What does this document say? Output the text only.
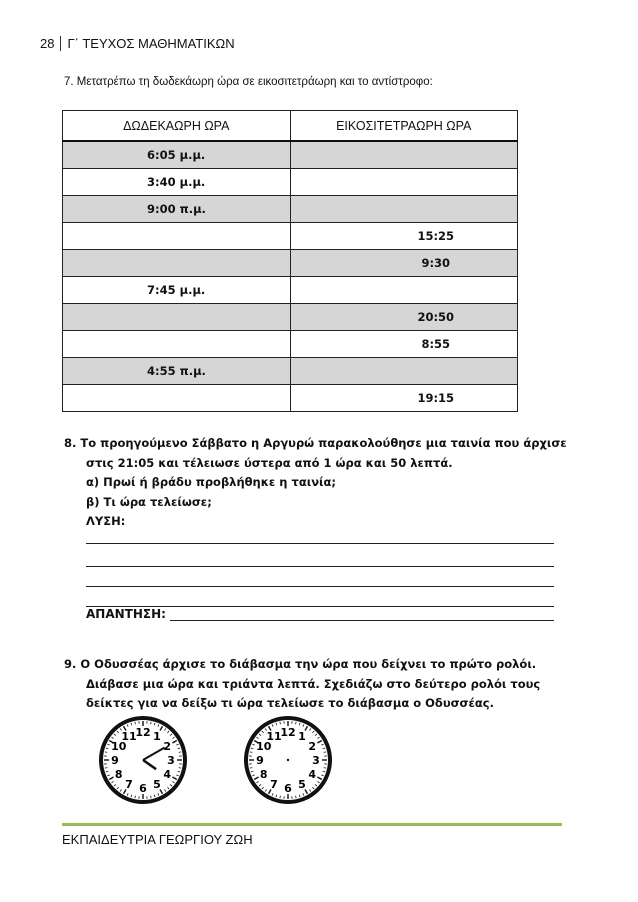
28	Γ΄ ΤΕΥΧΟΣ ΜΑΘΗΜΑΤΙΚΩΝ
7. Μετατρέπω τη δωδεκάωρη ώρα σε εικοσιτετράωρη και το αντίστροφο:
ΔΩΔΕΚΑΩΡΗ ΩΡΑ	ΕΙΚΟΣΙΤΕΤΡΑΩΡΗ ΩΡΑ
6:05 μ.μ.	
3:40 μ.μ.	
9:00 π.μ.	
	15:25
	9:30
7:45 μ.μ.	
	20:50
	8:55
4:55 π.μ.	
	19:15
8. Το προηγούμενο Σάββατο η Αργυρώ παρακολούθησε μια ταινία που άρχισε
στις 21:05 και τέλειωσε ύστερα από 1 ώρα και 50 λεπτά.
α) Πρωί ή βράδυ προβλήθηκε η ταινία;
β) Τι ώρα τελείωσε;
ΛΥΣΗ:
ΑΠΑΝΤΗΣΗ:
9. Ο Οδυσσέας άρχισε το διάβασμα την ώρα που δείχνει το πρώτο ρολόι.
Διάβασε μια ώρα και τριάντα λεπτά. Σχεδιάζω στο δεύτερο ρολόι τους
δείκτες για να δείξω τι ώρα τελείωσε το διάβασμα ο Οδυσσέας.
12 1
2
3
4
5
6
7
8
9
10
11	12 1
2
3
4
5
6
7
8
9
10
11
ΕΚΠΑΙΔΕΥΤΡΙΑ ΓΕΩΡΓΙΟΥ ΖΩΗ
